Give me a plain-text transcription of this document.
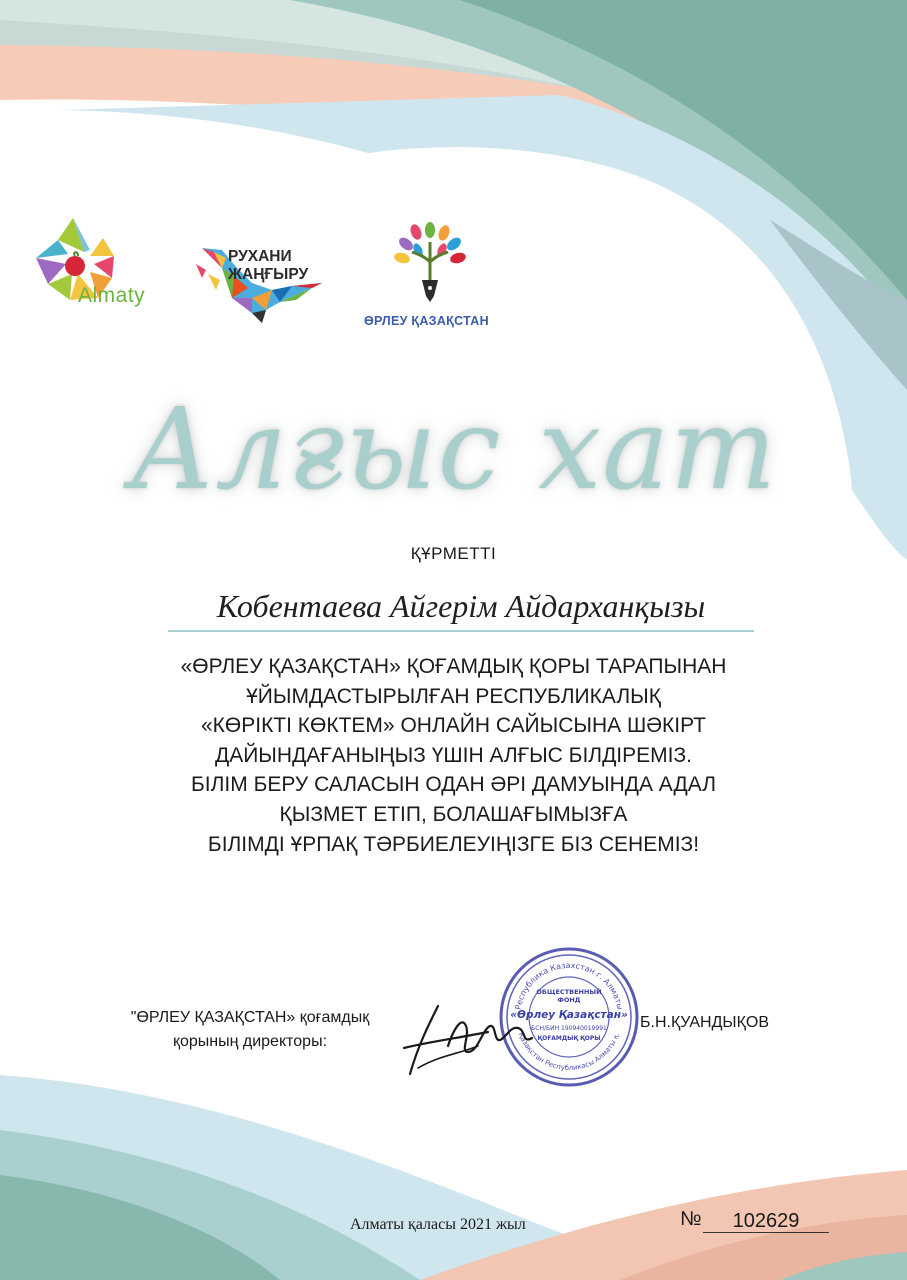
Almaty
РУХАНИ
ЖАҢҒЫРУ
ӨРЛЕУ ҚАЗАҚСТАН
Алғыс хат
ҚҰРМЕТТІ
Кобентаева Айгерім Айдарханқызы
«ӨРЛЕУ ҚАЗАҚСТАН» ҚОҒАМДЫҚ ҚОРЫ ТАРАПЫНАН
ҰЙЫМДАСТЫРЫЛҒАН РЕСПУБЛИКАЛЫҚ
«КӨРІКТІ КӨКТЕМ» ОНЛАЙН САЙЫСЫНА ШӘКІРТ
ДАЙЫНДАҒАНЫҢЫЗ ҮШІН АЛҒЫС БІЛДІРЕМІЗ.
БІЛІМ БЕРУ САЛАСЫН ОДАН ӘРІ ДАМУЫНДА АДАЛ
ҚЫЗМЕТ ЕТІП, БОЛАШАҒЫМЫЗҒА
БІЛІМДІ ҰРПАҚ ТӘРБИЕЛЕУІҢІЗГЕ БІЗ СЕНЕМІЗ!
"ӨРЛЕУ ҚАЗАҚСТАН» қоғамдық
қорының директоры:
Республика Казахстан г. Алматы
Қазақстан Республикасы Алматы қ.
ОБЩЕСТВЕННЫЙ
ФОНД
«Өрлеу Қазақстан»
БСН/БИН 190940019991
ҚОҒАМДЫҚ ҚОРЫ
Б.Н.ҚУАНДЫҚОВ
Алматы қаласы 2021 жыл	№	102629
